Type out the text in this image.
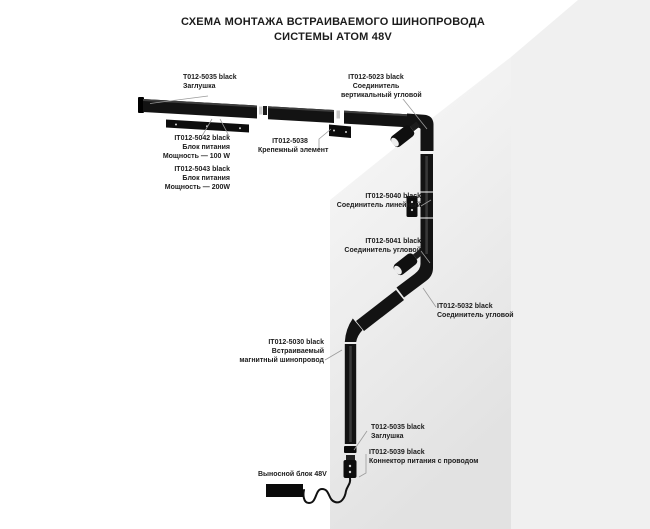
СХЕМА МОНТАЖА ВСТРАИВАЕМОГО ШИНОПРОВОДА
СИСТЕМЫ АТОМ 48V
T012-5035 black
Заглушка
IT012-5023 black
Соединитель
вертикальный угловой
IT012-5042 black
Блок питания
Мощность — 100 W
IT012-5038
Крепежный элемент
IT012-5043 black
Блок питания
Мощность — 200W
IT012-5040 black
Соединитель линейный
IT012-5041 black
Соединитель угловой
IT012-5032 black
Соединитель угловой
IT012-5030 black
Встраиваемый
магнитный шинопровод
T012-5035 black
Заглушка
IT012-5039 black
Коннектор питания с проводом
Выносной блок 48V
